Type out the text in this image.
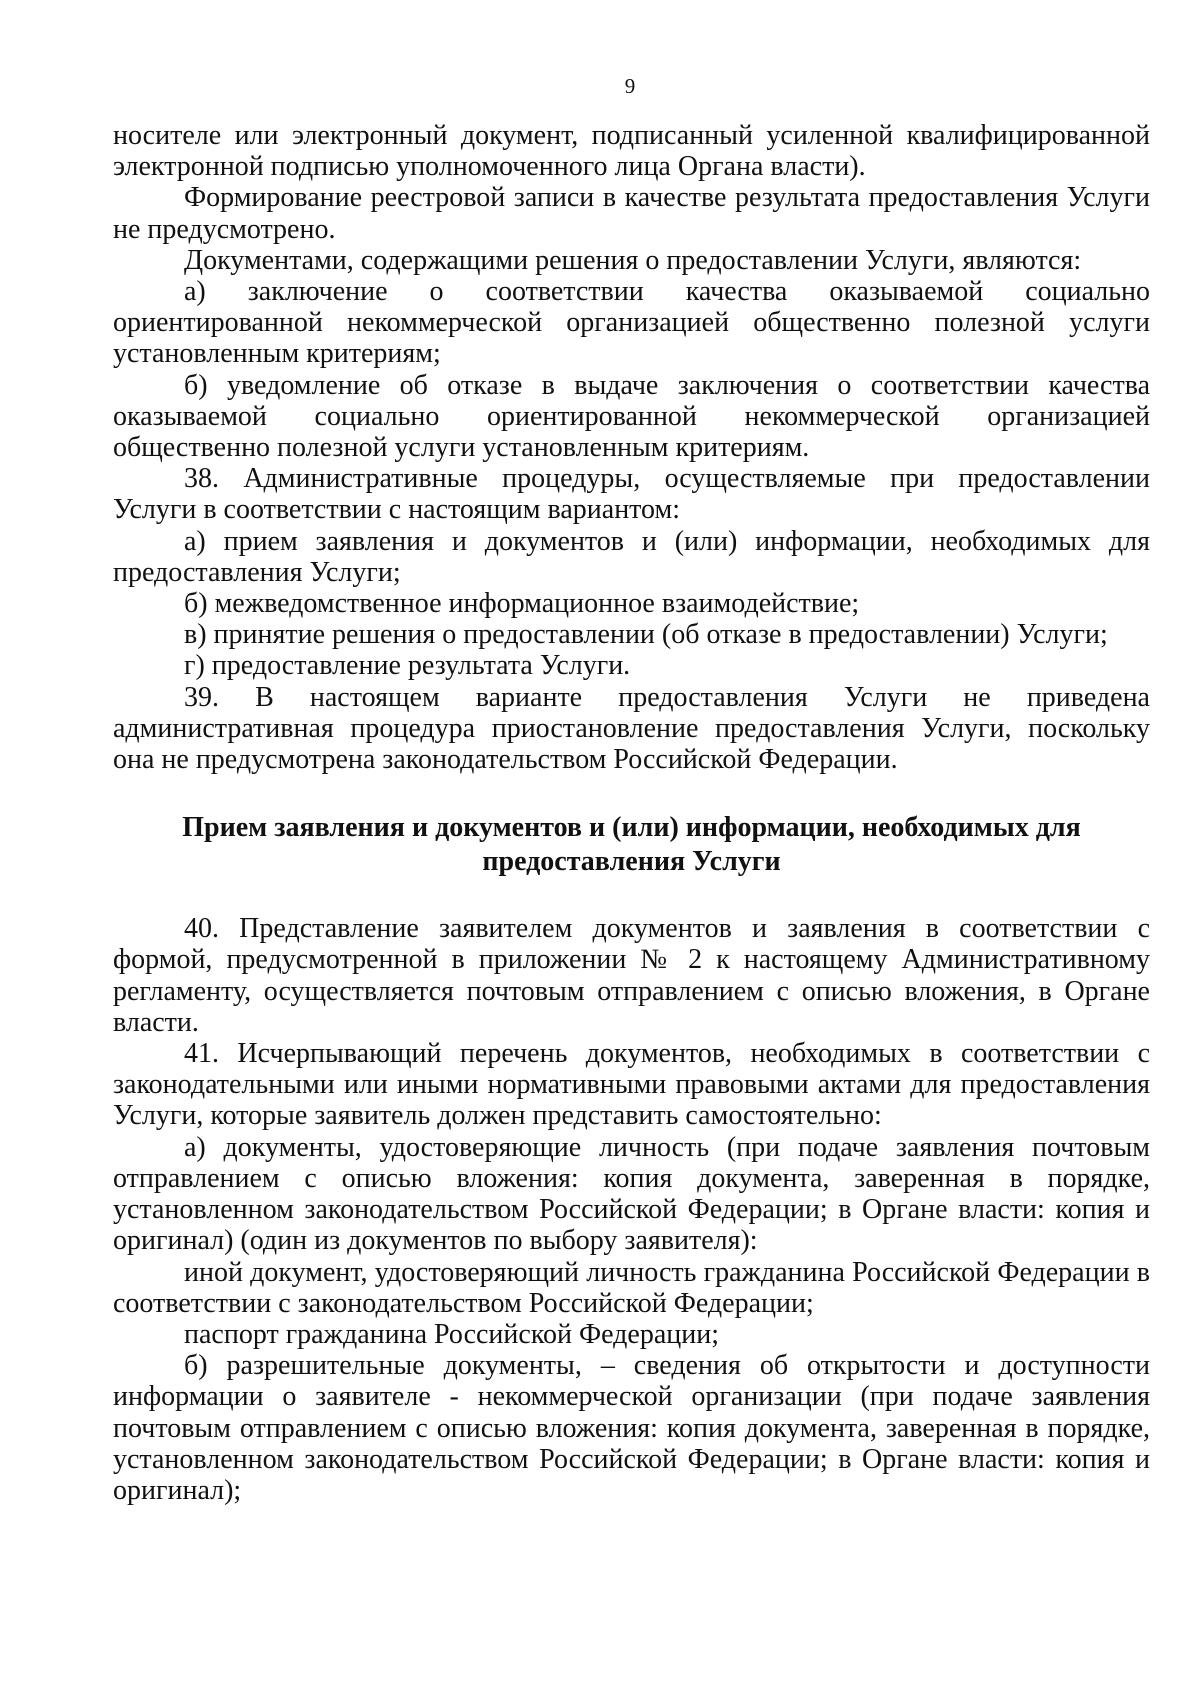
9

носителе или электронный документ, подписанный усиленной квалифицированной электронной подписью уполномоченного лица Органа власти).

Формирование реестровой записи в качестве результата предоставления Услуги не предусмотрено.

Документами, содержащими решения о предоставлении Услуги, являются:

а) заключение о соответствии качества оказываемой социально ориентированной некоммерческой организацией общественно полезной услуги установленным критериям;

б) уведомление об отказе в выдаче заключения о соответствии качества оказываемой социально ориентированной некоммерческой организацией общественно полезной услуги установленным критериям.

38. Административные процедуры, осуществляемые при предоставлении Услуги в соответствии с настоящим вариантом:

а) прием заявления и документов и (или) информации, необходимых для предоставления Услуги;

б) межведомственное информационное взаимодействие;

в) принятие решения о предоставлении (об отказе в предоставлении) Услуги;

г) предоставление результата Услуги.

39. В настоящем варианте предоставления Услуги не приведена административная процедура приостановление предоставления Услуги, поскольку она не предусмотрена законодательством Российской Федерации.

Прием заявления и документов и (или) информации, необходимых для
предоставления Услуги

40. Представление заявителем документов и заявления в соответствии с формой, предусмотренной в приложении № 2 к настоящему Административному регламенту, осуществляется почтовым отправлением с описью вложения, в Органе власти.

41. Исчерпывающий перечень документов, необходимых в соответствии с законодательными или иными нормативными правовыми актами для предоставления Услуги, которые заявитель должен представить самостоятельно:

а) документы, удостоверяющие личность (при подаче заявления почтовым отправлением с описью вложения: копия документа, заверенная в порядке, установленном законодательством Российской Федерации; в Органе власти: копия и оригинал) (один из документов по выбору заявителя):

иной документ, удостоверяющий личность гражданина Российской Федерации в соответствии с законодательством Российской Федерации;

паспорт гражданина Российской Федерации;

б) разрешительные документы, – сведения об открытости и доступности информации о заявителе - некоммерческой организации (при подаче заявления почтовым отправлением с описью вложения: копия документа, заверенная в порядке, установленном законодательством Российской Федерации; в Органе власти: копия и оригинал);
